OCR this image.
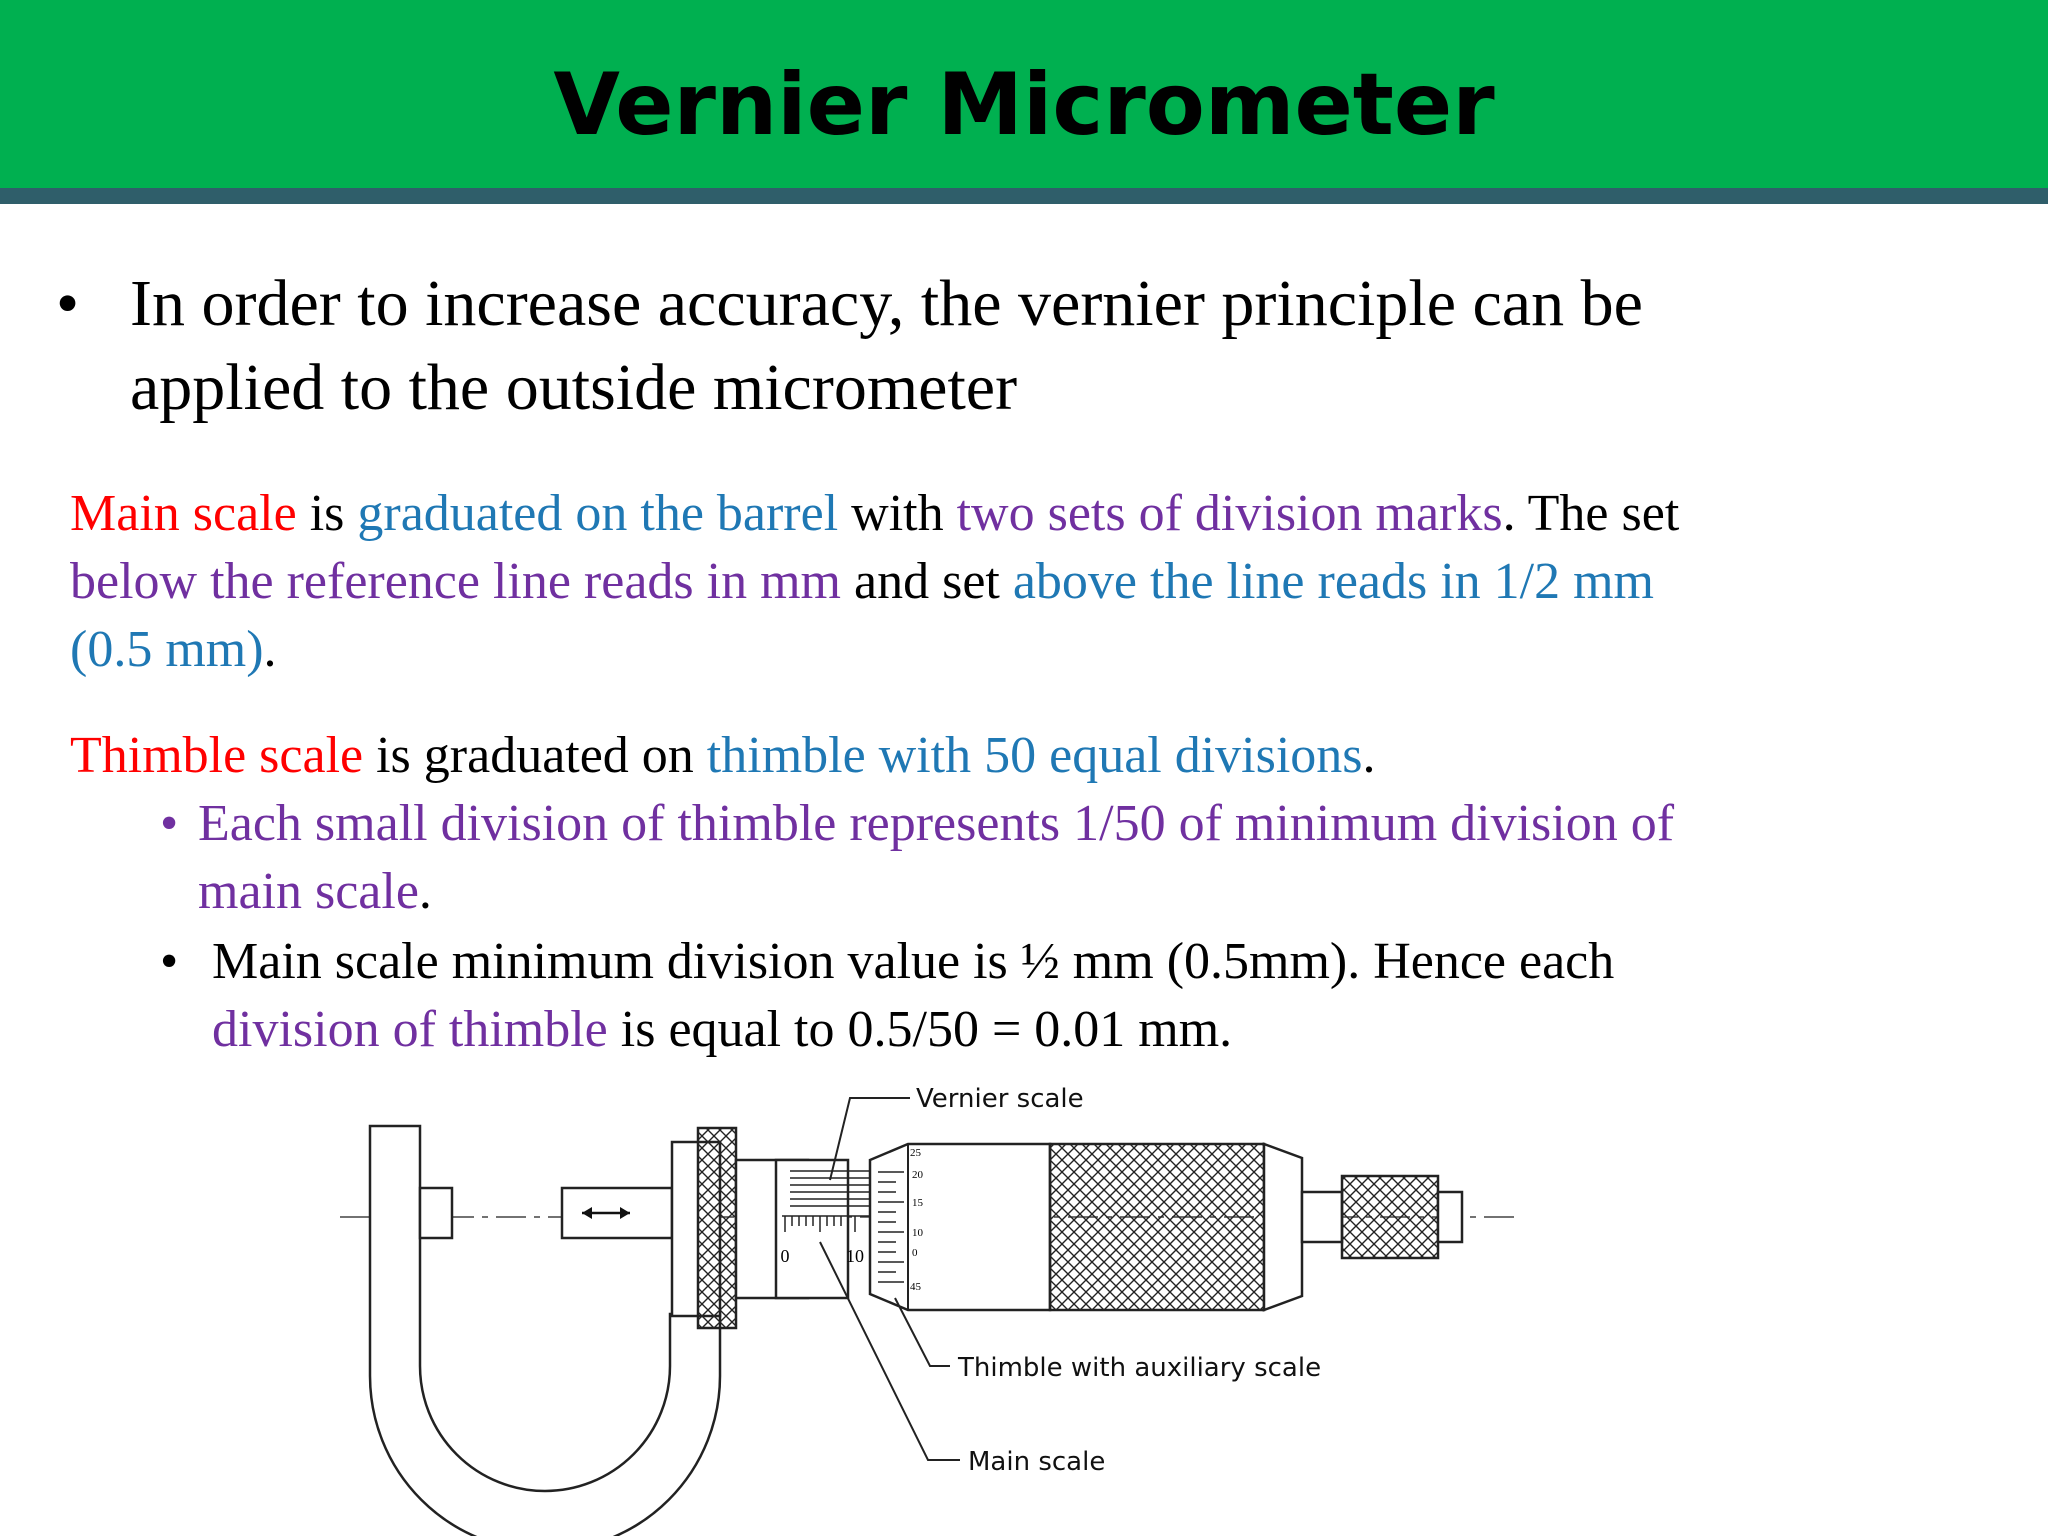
Vernier Micrometer
• In order to increase accuracy, the vernier principle can be
applied to the outside micrometer
Main scale is graduated on the barrel with two sets of division marks. The set
below the reference line reads in mm and set above the line reads in 1/2 mm
(0.5 mm).
Thimble scale is graduated on thimble with 50 equal divisions.
• Each small division of thimble represents 1/50 of minimum division of
main scale.
• Main scale minimum division value is ½ mm (0.5mm). Hence each
division of thimble is equal to 0.5/50 = 0.01 mm.
0	10
25
20
15
10
0
45
Vernier scale
Thimble with auxiliary scale
Main scale
